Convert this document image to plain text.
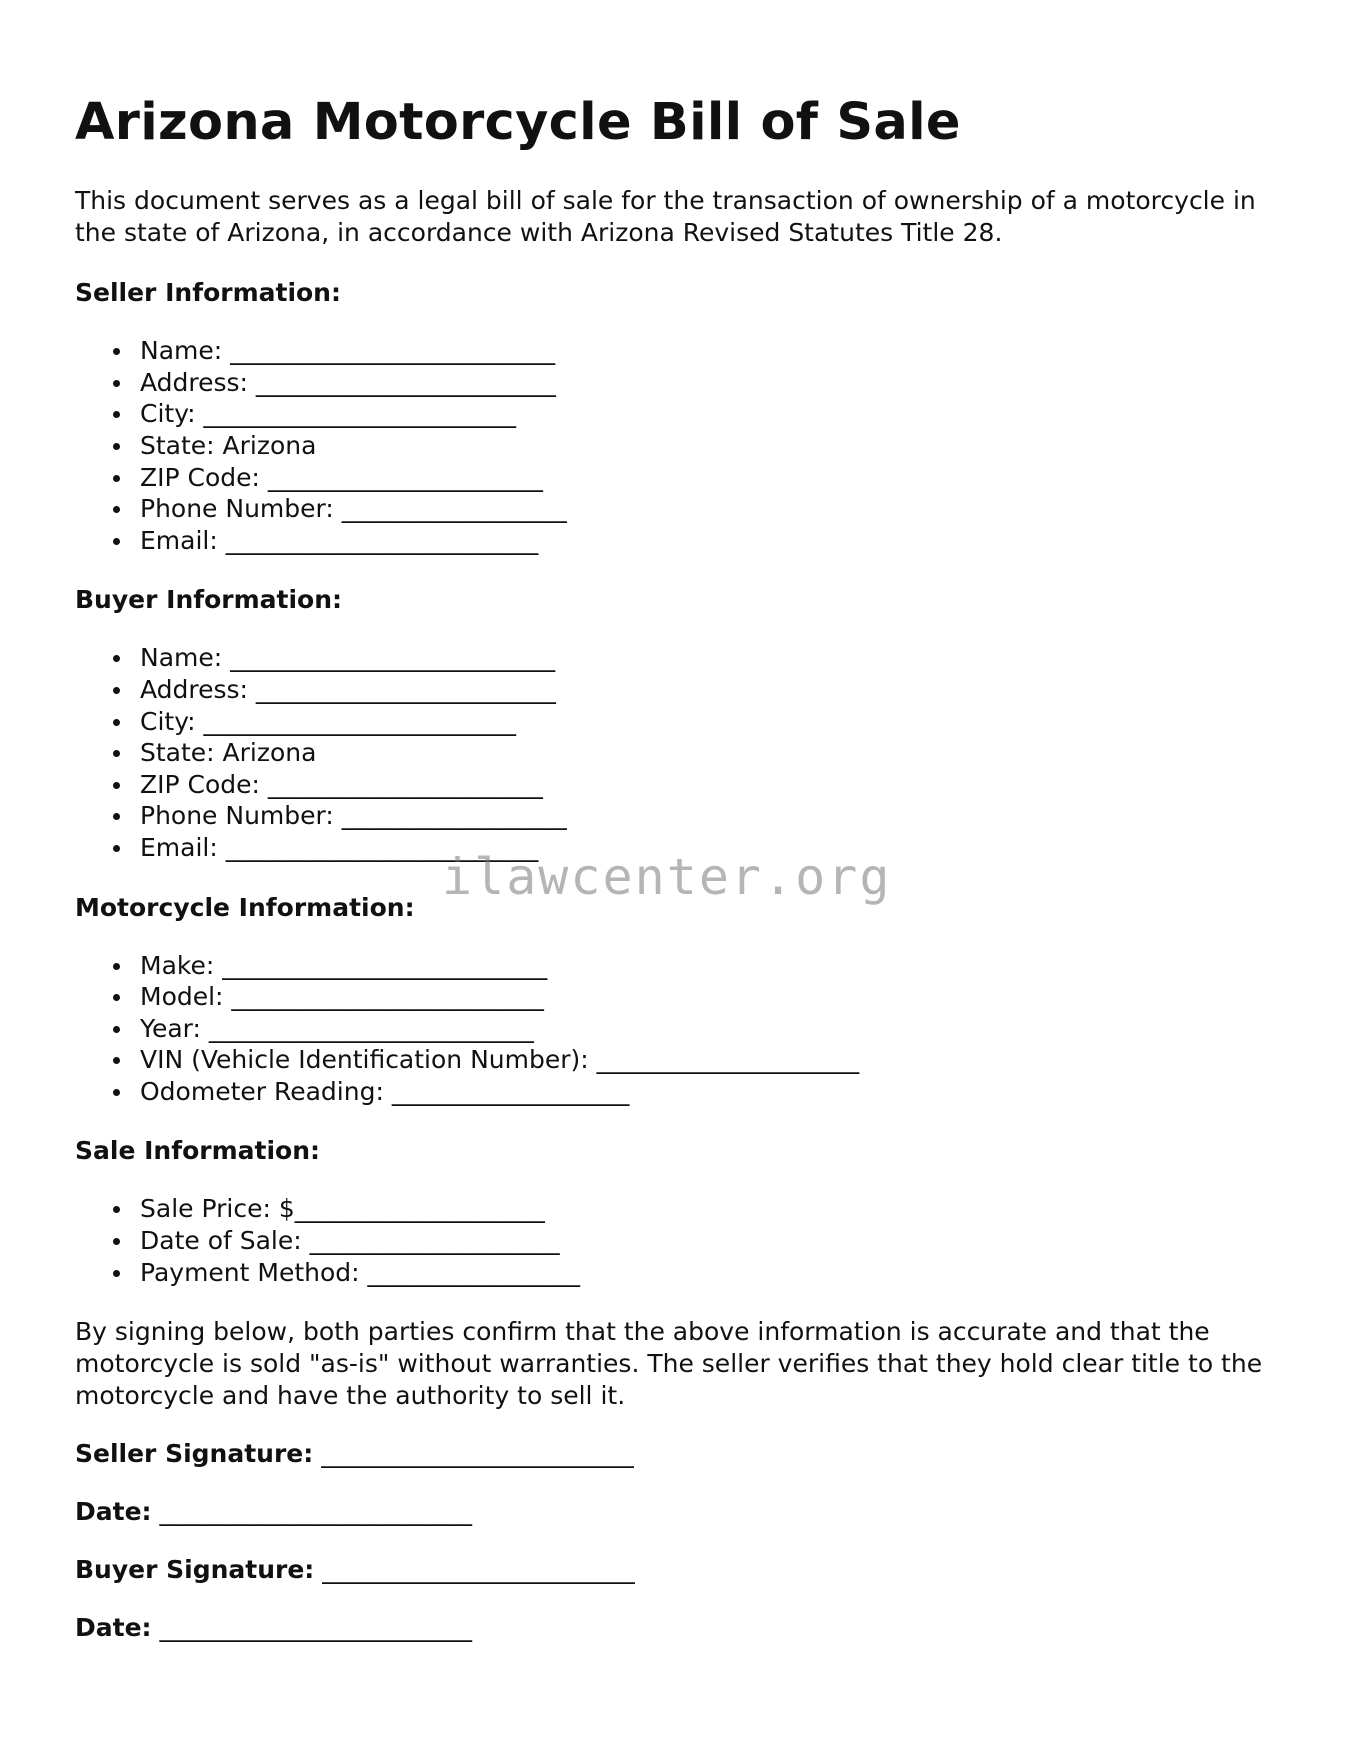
Arizona Motorcycle Bill of Sale

This document serves as a legal bill of sale for the transaction of ownership of a motorcycle in the state of Arizona, in accordance with Arizona Revised Statutes Title 28.

Seller Information:
Name: __________________________
Address: ________________________
City: _________________________
State: Arizona
ZIP Code: ______________________
Phone Number: __________________
Email: _________________________
Buyer Information:
Name: __________________________
Address: ________________________
City: _________________________
State: Arizona
ZIP Code: ______________________
Phone Number: __________________
Email: _________________________
Motorcycle Information:
Make: __________________________
Model: _________________________
Year: __________________________
VIN (Vehicle Identification Number): _____________________
Odometer Reading: ___________________
Sale Information:
Sale Price: $____________________
Date of Sale: ____________________
Payment Method: _________________

By signing below, both parties confirm that the above information is accurate and that the motorcycle is sold "as-is" without warranties. The seller verifies that they hold clear title to the motorcycle and have the authority to sell it.

Seller Signature: _________________________
Date: _________________________
Buyer Signature: _________________________
Date: _________________________
ilawcenter.org
